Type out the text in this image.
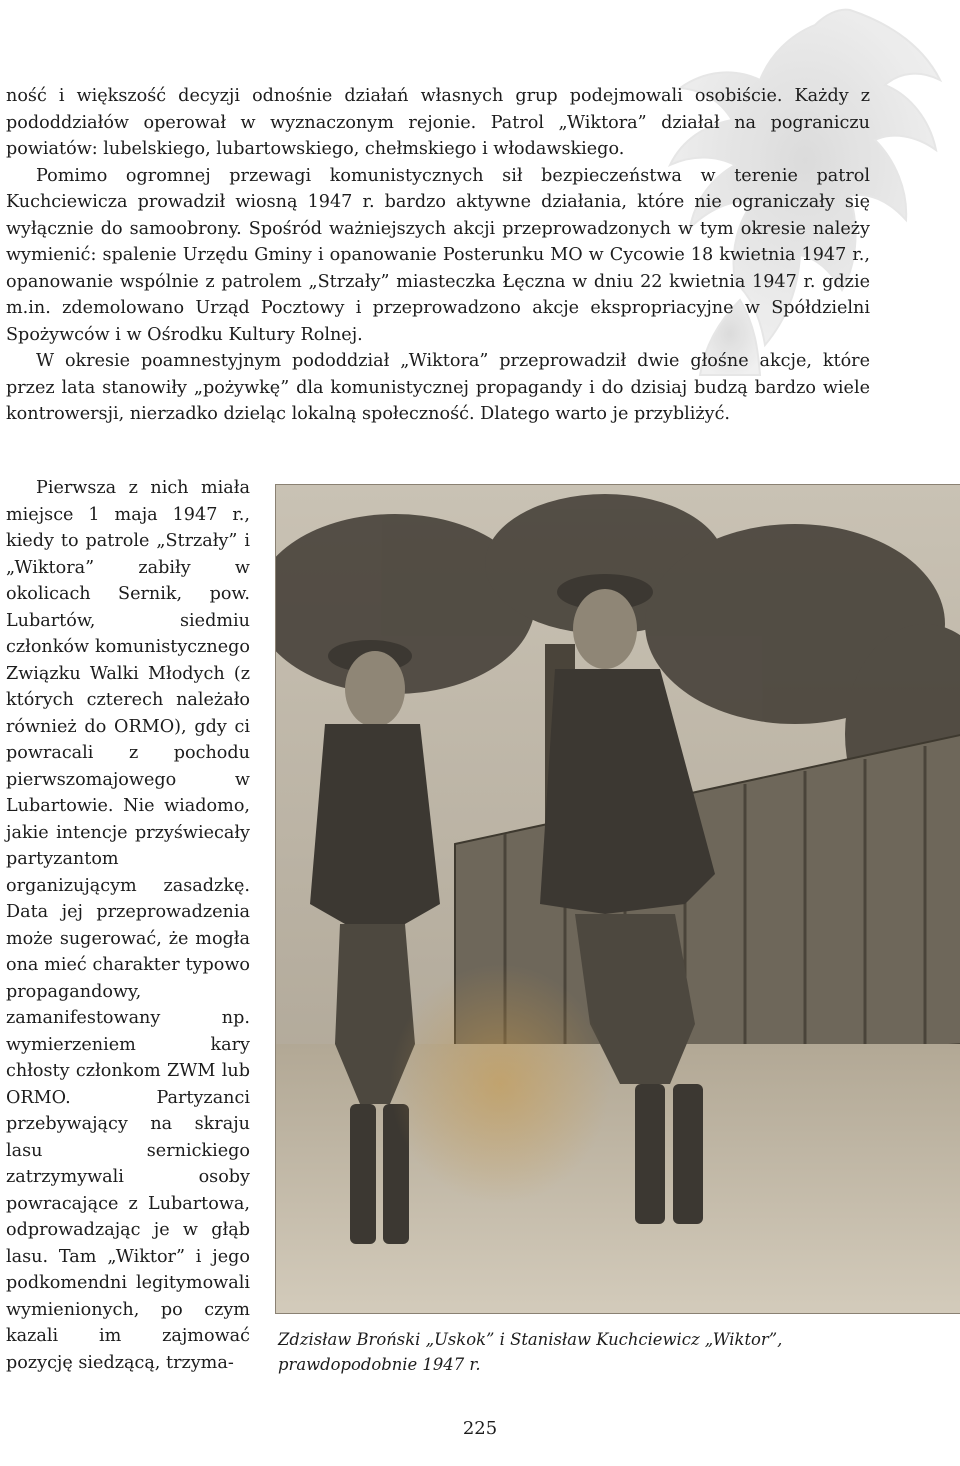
ność i większość decyzji odnośnie działań własnych grup podejmowali osobiście. Każdy z pododdziałów operował w wyznaczonym rejonie. Patrol „Wiktora” działał na pograniczu powiatów: lubelskiego, lubartowskiego, chełmskiego i włodawskiego.

Pomimo ogromnej przewagi komunistycznych sił bezpieczeństwa w terenie patrol Kuchciewicza prowadził wiosną 1947 r. bardzo aktywne działania, które nie ograniczały się wyłącznie do samoobrony. Spośród ważniejszych akcji przeprowadzonych w tym okresie należy wymienić: spalenie Urzędu Gminy i opanowanie Posterunku MO w Cycowie 18 kwietnia 1947 r., opanowanie wspólnie z patrolem „Strzały” miasteczka Łęczna w dniu 22 kwietnia 1947 r. gdzie m.in. zdemolowano Urząd Pocztowy i przeprowadzono akcje ekspropriacyjne w Spółdzielni Spożywców i w Ośrodku Kultury Rolnej.

W okresie poamnestyjnym pododdział „Wiktora” przeprowadził dwie głośne akcje, które przez lata stanowiły „pożywkę” dla komunistycznej propagandy i do dzisiaj budzą bardzo wiele kontrowersji, nierzadko dzieląc lokalną społeczność. Dlatego warto je przybliżyć.

Pierwsza z nich miała miejsce 1 maja 1947 r., kiedy to patrole „Strzały” i „Wiktora” zabiły w okolicach Sernik, pow. Lubartów, siedmiu członków komunistycznego Związku Walki Młodych (z których czterech należało również do ORMO), gdy ci powracali z pochodu pierwszomajowego w Lubartowie. Nie wiadomo, jakie intencje przyświecały partyzantom organizującym zasadzkę. Data jej przeprowadzenia może sugerować, że mogła ona mieć charakter typowo propagandowy, zamanifestowany np. wymierzeniem kary chłosty członkom ZWM lub ORMO. Partyzanci przebywający na skraju lasu sernickiego zatrzymywali osoby powracające z Lubartowa, odprowadzając je w głąb lasu. Tam „Wiktor” i jego podkomendni legitymowali wymienionych, po czym kazali im zajmować pozycję siedzącą, trzyma-

Zdzisław Broński „Uskok” i Stanisław Kuchciewicz „Wiktor”,
prawdopodobnie 1947 r.
225
